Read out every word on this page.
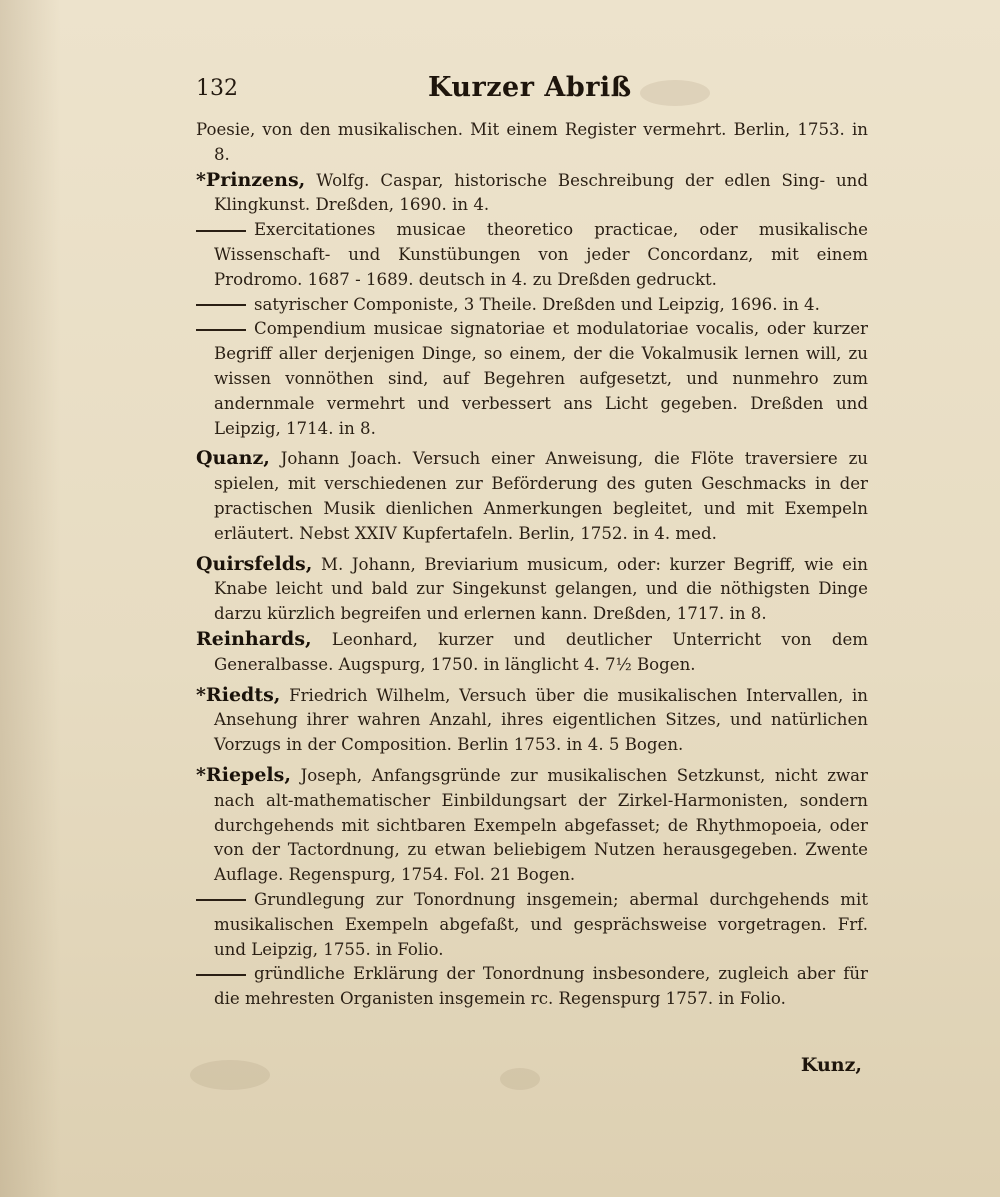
132	Kurzer Abriß

Poesie, von den musikalischen. Mit einem Register vermehrt. Berlin, 1753. in 8.

*Prinzens, Wolfg. Caspar, historische Beschreibung der edlen Sing- und Klingkunst. Dreßden, 1690. in 4.

Exercitationes musicae theoretico practicae, oder musikalische Wissenschaft- und Kunstübungen von jeder Concordanz, mit einem Prodromo. 1687 - 1689. deutsch in 4. zu Dreßden gedruckt.

satyrischer Componiste, 3 Theile. Dreßden und Leipzig, 1696. in 4.

Compendium musicae signatoriae et modulatoriae vocalis, oder kurzer Begriff aller derjenigen Dinge, so einem, der die Vokalmusik lernen will, zu wissen vonnöthen sind, auf Begehren aufgesetzt, und nunmehro zum andernmale vermehrt und verbessert ans Licht gegeben. Dreßden und Leipzig, 1714. in 8.

Quanz, Johann Joach. Versuch einer Anweisung, die Flöte traversiere zu spielen, mit verschiedenen zur Beförderung des guten Geschmacks in der practischen Musik dienlichen Anmerkungen begleitet, und mit Exempeln erläutert. Nebst XXIV Kupfertafeln. Berlin, 1752. in 4. med.

Quirsfelds, M. Johann, Breviarium musicum, oder: kurzer Begriff, wie ein Knabe leicht und bald zur Singekunst gelangen, und die nöthigsten Dinge darzu kürzlich begreifen und erlernen kann. Dreßden, 1717. in 8.

Reinhards, Leonhard, kurzer und deutlicher Unterricht von dem Generalbasse. Augspurg, 1750. in länglicht 4. 7½ Bogen.

*Riedts, Friedrich Wilhelm, Versuch über die musikalischen Intervallen, in Ansehung ihrer wahren Anzahl, ihres eigentlichen Sitzes, und natürlichen Vorzugs in der Composition. Berlin 1753. in 4. 5 Bogen.

*Riepels, Joseph, Anfangsgründe zur musikalischen Setzkunst, nicht zwar nach alt-mathematischer Einbildungsart der Zirkel-Harmonisten, sondern durchgehends mit sichtbaren Exempeln abgefasset; de Rhythmopoeia, oder von der Tactordnung, zu etwan beliebigem Nutzen herausgegeben. Zwente Auflage. Regenspurg, 1754. Fol. 21 Bogen.

Grundlegung zur Tonordnung insgemein; abermal durchgehends mit musikalischen Exempeln abgefaßt, und gesprächsweise vorgetragen. Frf. und Leipzig, 1755. in Folio.

gründliche Erklärung der Tonordnung insbesondere, zugleich aber für die mehresten Organisten insgemein rc. Regenspurg 1757. in Folio.

Kunz,
